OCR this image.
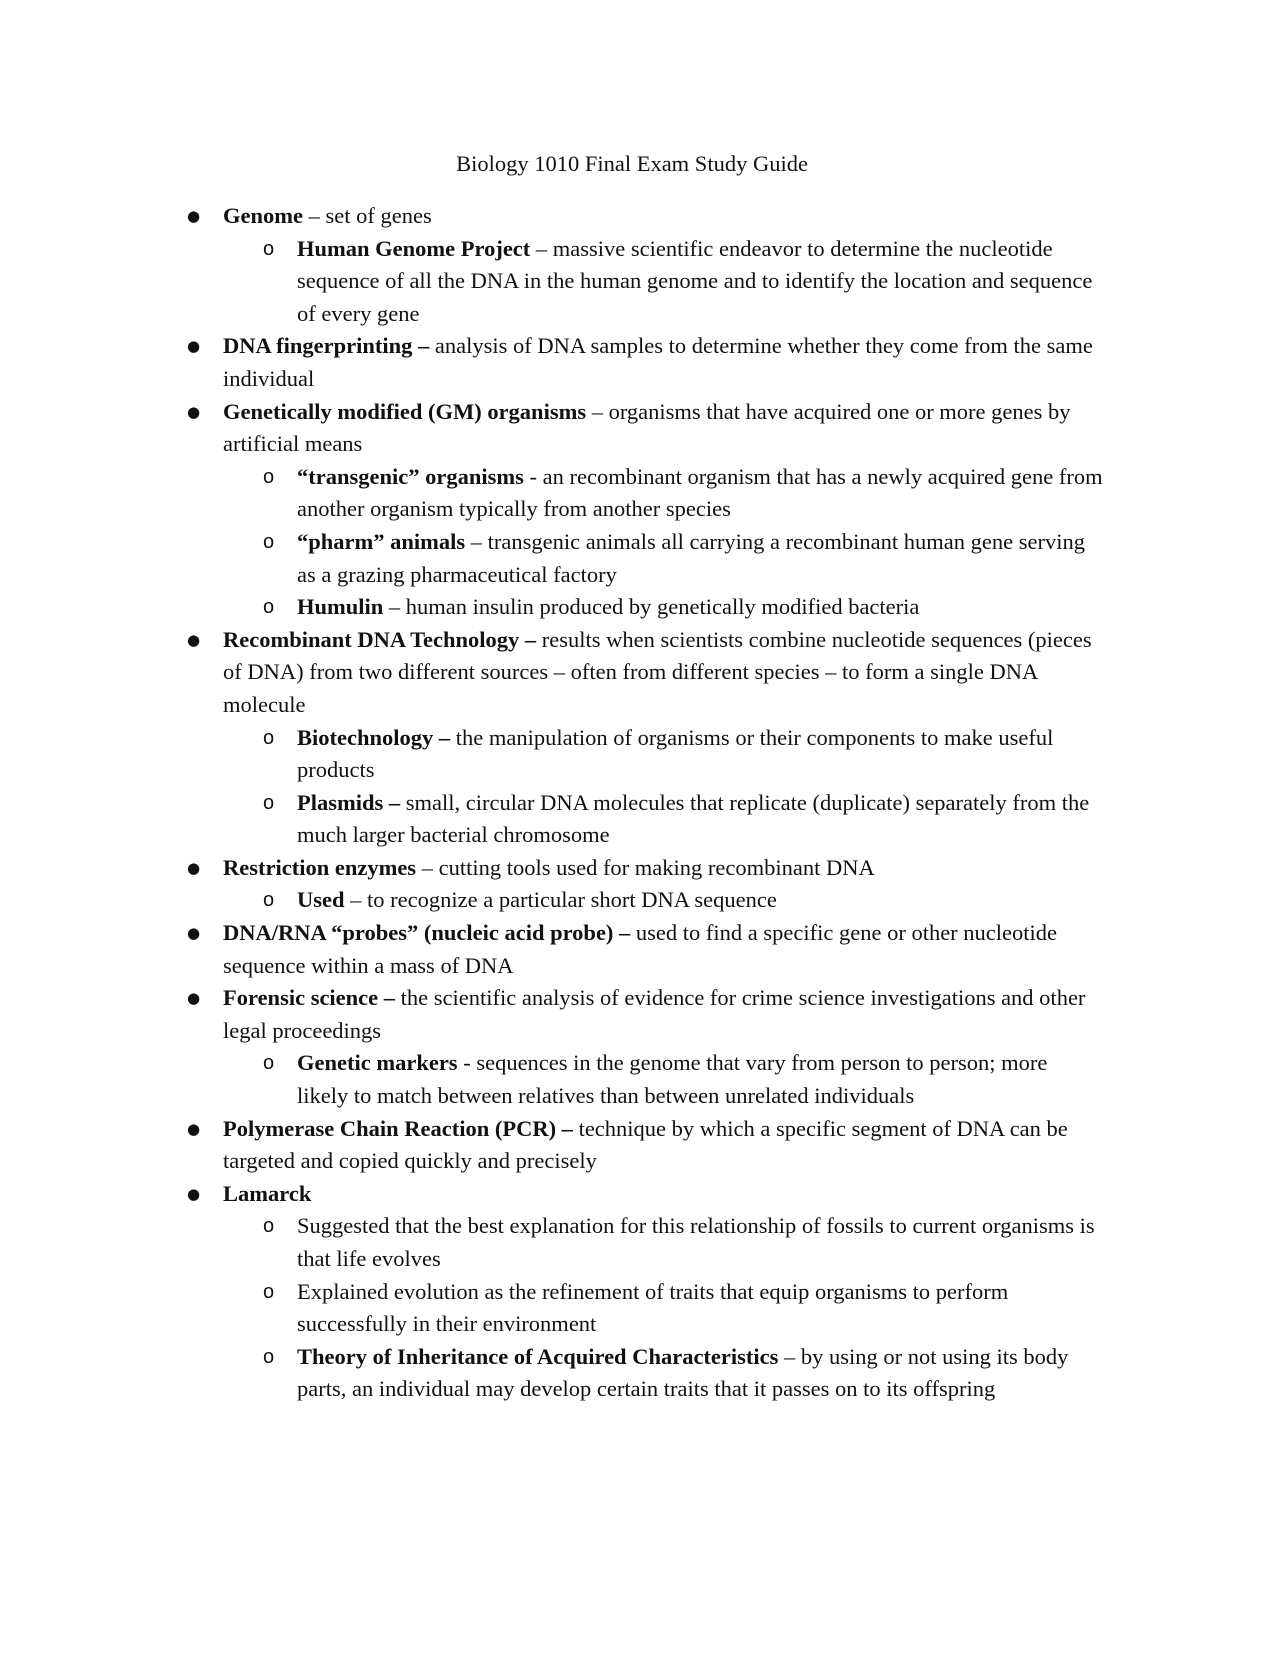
Biology 1010 Final Exam Study Guide
● Genome – set of genes
o Human Genome Project – massive scientific endeavor to determine the nucleotide sequence of all the DNA in the human genome and to identify the location and sequence of every gene
● DNA fingerprinting – analysis of DNA samples to determine whether they come from the same individual
● Genetically modified (GM) organisms – organisms that have acquired one or more genes by artificial means
o “transgenic” organisms - an recombinant organism that has a newly acquired gene from another organism typically from another species
o “pharm” animals – transgenic animals all carrying a recombinant human gene serving as a grazing pharmaceutical factory
o Humulin – human insulin produced by genetically modified bacteria
● Recombinant DNA Technology – results when scientists combine nucleotide sequences (pieces of DNA) from two different sources – often from different species – to form a single DNA molecule
o Biotechnology – the manipulation of organisms or their components to make useful products
o Plasmids – small, circular DNA molecules that replicate (duplicate) separately from the much larger bacterial chromosome
● Restriction enzymes – cutting tools used for making recombinant DNA
o Used – to recognize a particular short DNA sequence
● DNA/RNA “probes” (nucleic acid probe) – used to find a specific gene or other nucleotide sequence within a mass of DNA
● Forensic science – the scientific analysis of evidence for crime science investigations and other legal proceedings
o Genetic markers - sequences in the genome that vary from person to person; more likely to match between relatives than between unrelated individuals
● Polymerase Chain Reaction (PCR) – technique by which a specific segment of DNA can be targeted and copied quickly and precisely
● Lamarck
o Suggested that the best explanation for this relationship of fossils to current organisms is that life evolves
o Explained evolution as the refinement of traits that equip organisms to perform successfully in their environment
o Theory of Inheritance of Acquired Characteristics – by using or not using its body parts, an individual may develop certain traits that it passes on to its offspring
